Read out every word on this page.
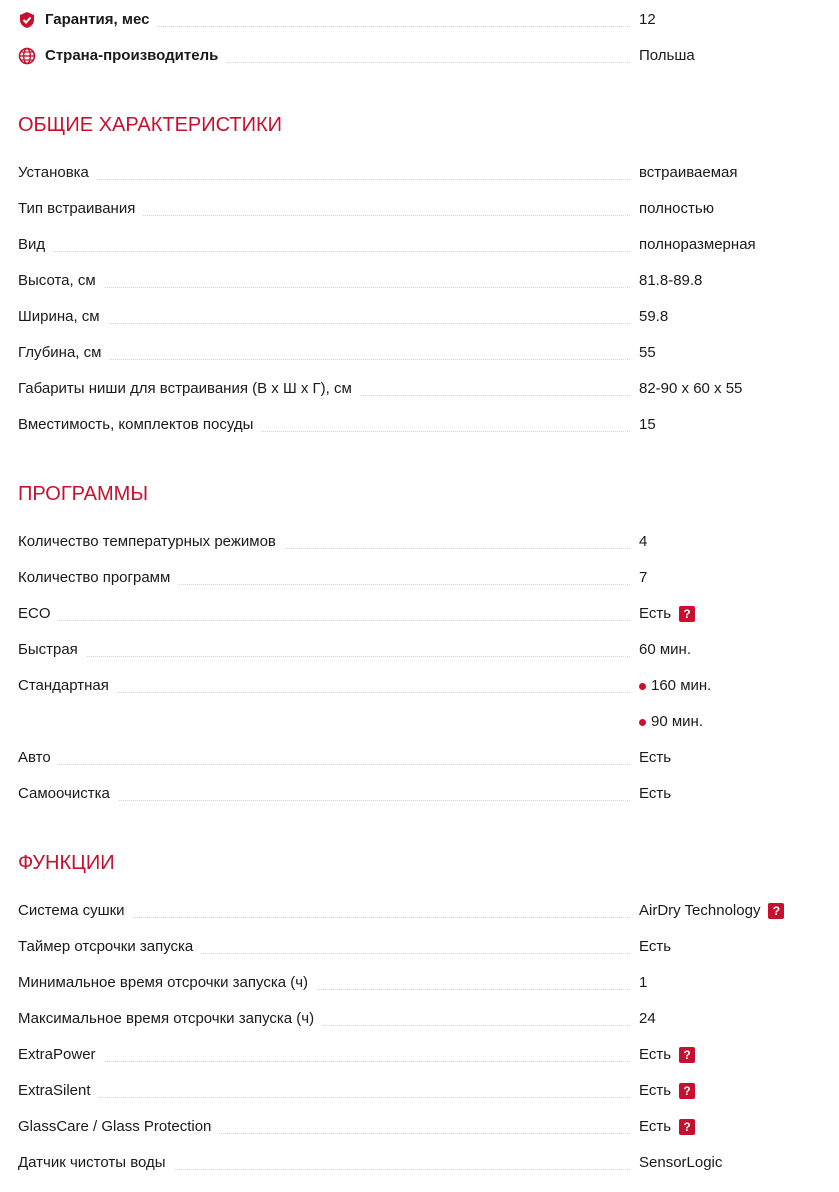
Гарантия, мес	12
Страна-производитель	Польша
ОБЩИЕ ХАРАКТЕРИСТИКИ
Установка	встраиваемая
Тип встраивания	полностью
Вид	полноразмерная
Высота, см	81.8-89.8
Ширина, см	59.8
Глубина, см	55
Габариты ниши для встраивания (В х Ш х Г), см	82-90 х 60 х 55
Вместимость, комплектов посуды	15
ПРОГРАММЫ
Количество температурных режимов	4
Количество программ	7
ECO	Есть	?
Быстрая	60 мин.
Стандартная	160 мин.
90 мин.
Авто	Есть
Самоочистка	Есть
ФУНКЦИИ
Система сушки	AirDry Technology	?
Таймер отсрочки запуска	Есть
Минимальное время отсрочки запуска (ч)	1
Максимальное время отсрочки запуска (ч)	24
ExtraPower	Есть	?
ExtraSilent	Есть	?
GlassCare / Glass Protection	Есть	?
Датчик чистоты воды	SensorLogic
